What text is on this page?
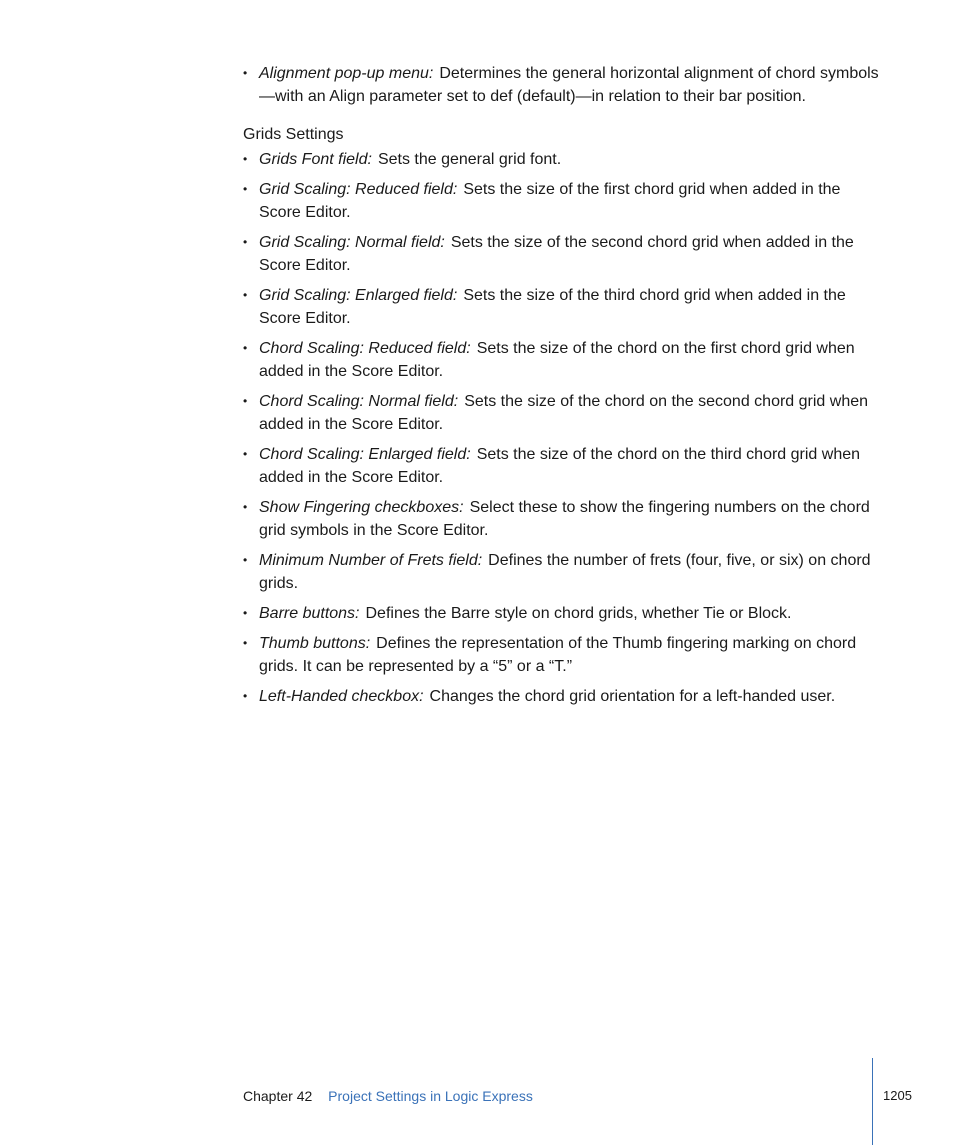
• Alignment pop-up menu: Determines the general horizontal alignment of chord symbols—with an Align parameter set to def (default)—in relation to their bar position.
Grids Settings
• Grids Font field: Sets the general grid font.
• Grid Scaling: Reduced field: Sets the size of the first chord grid when added in the Score Editor.
• Grid Scaling: Normal field: Sets the size of the second chord grid when added in the Score Editor.
• Grid Scaling: Enlarged field: Sets the size of the third chord grid when added in the Score Editor.
• Chord Scaling: Reduced field: Sets the size of the chord on the first chord grid when added in the Score Editor.
• Chord Scaling: Normal field: Sets the size of the chord on the second chord grid when added in the Score Editor.
• Chord Scaling: Enlarged field: Sets the size of the chord on the third chord grid when added in the Score Editor.
• Show Fingering checkboxes: Select these to show the fingering numbers on the chord grid symbols in the Score Editor.
• Minimum Number of Frets field: Defines the number of frets (four, five, or six) on chord grids.
• Barre buttons: Defines the Barre style on chord grids, whether Tie or Block.
• Thumb buttons: Defines the representation of the Thumb fingering marking on chord grids. It can be represented by a “5” or a “T.”
• Left-Handed checkbox: Changes the chord grid orientation for a left-handed user.
Chapter 42 Project Settings in Logic Express	1205
